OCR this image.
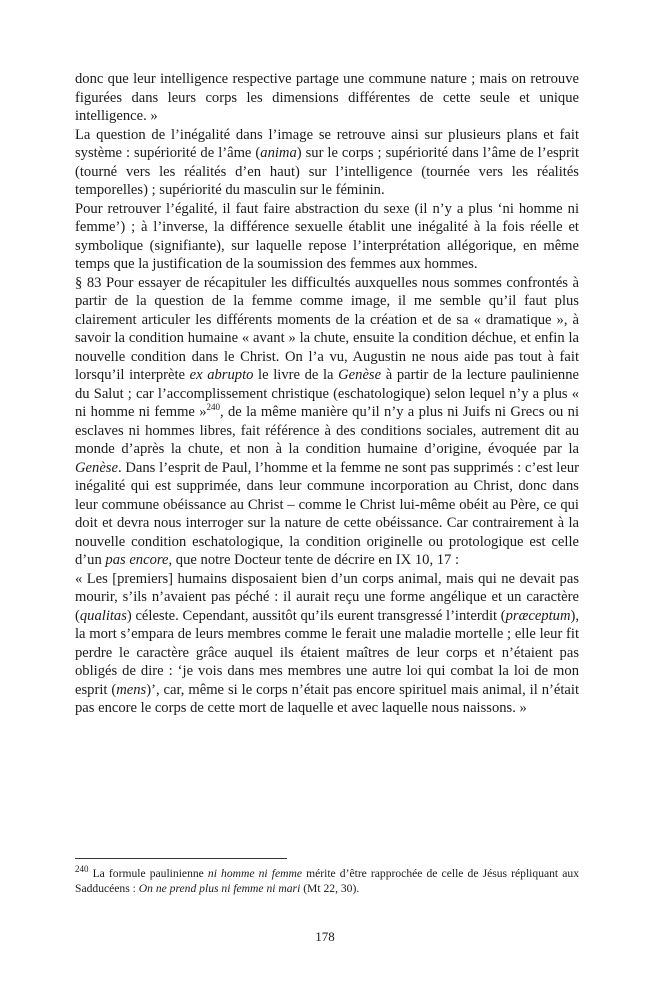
donc que leur intelligence respective partage une commune nature ; mais on retrouve figurées dans leurs corps les dimensions différentes de cette seule et unique intelligence. »

La question de l’inégalité dans l’image se retrouve ainsi sur plusieurs plans et fait système : supériorité de l’âme (anima) sur le corps ; supériorité dans l’âme de l’esprit (tourné vers les réalités d’en haut) sur l’intelligence (tournée vers les réalités temporelles) ; supériorité du masculin sur le féminin.

Pour retrouver l’égalité, il faut faire abstraction du sexe (il n’y a plus ‘ni homme ni femme’) ; à l’inverse, la différence sexuelle établit une inégalité à la fois réelle et symbolique (signifiante), sur laquelle repose l’interprétation allégorique, en même temps que la justification de la soumission des femmes aux hommes.

§ 83 Pour essayer de récapituler les difficultés auxquelles nous sommes confrontés à partir de la question de la femme comme image, il me semble qu’il faut plus clairement articuler les différents moments de la création et de sa « dramatique », à savoir la condition humaine « avant » la chute, ensuite la condition déchue, et enfin la nouvelle condition dans le Christ. On l’a vu, Augustin ne nous aide pas tout à fait lorsqu’il interprète ex abrupto le livre de la Genèse à partir de la lecture paulinienne du Salut ; car l’accomplissement christique (eschatologique) selon lequel n’y a plus « ni homme ni femme »$^{240}$, de la même manière qu’il n’y a plus ni Juifs ni Grecs ou ni esclaves ni hommes libres, fait référence à des conditions sociales, autrement dit au monde d’après la chute, et non à la condition humaine d’origine, évoquée par la Genèse. Dans l’esprit de Paul, l’homme et la femme ne sont pas supprimés : c’est leur inégalité qui est supprimée, dans leur commune incorporation au Christ, donc dans leur commune obéissance au Christ – comme le Christ lui-même obéit au Père, ce qui doit et devra nous interroger sur la nature de cette obéissance. Car contrairement à la nouvelle condition eschatologique, la condition originelle ou protologique est celle d’un pas encore, que notre Docteur tente de décrire en IX 10, 17 :

« Les [premiers] humains disposaient bien d’un corps animal, mais qui ne devait pas mourir, s’ils n’avaient pas péché : il aurait reçu une forme angélique et un caractère (qualitas) céleste. Cependant, aussitôt qu’ils eurent transgressé l’interdit (præceptum), la mort s’empara de leurs membres comme le ferait une maladie mortelle ; elle leur fit perdre le caractère grâce auquel ils étaient maîtres de leur corps et n’étaient pas obligés de dire : ‘je vois dans mes membres une autre loi qui combat la loi de mon esprit (mens)’, car, même si le corps n’était pas encore spirituel mais animal, il n’était pas encore le corps de cette mort de laquelle et avec laquelle nous naissons. »

$^{240}$ La formule paulinienne ni homme ni femme mérite d’être rapprochée de celle de Jésus répliquant aux Sadducéens : On ne prend plus ni femme ni mari (Mt 22, 30).

178
